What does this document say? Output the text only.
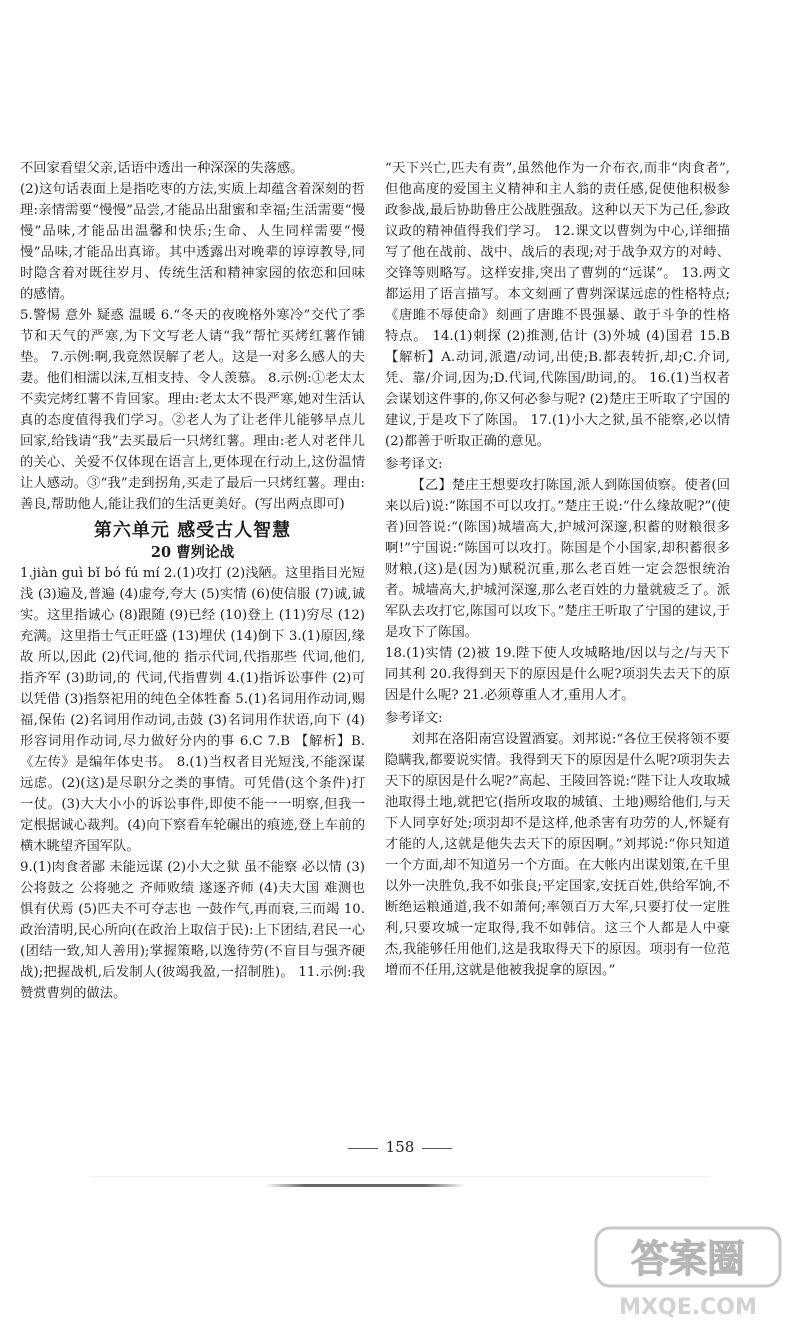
不回家看望父亲,话语中透出一种深深的失落感。

(2)这句话表面上是指吃枣的方法,实质上却蕴含着深刻的哲理:亲情需要“慢慢”品尝,才能品出甜蜜和幸福;生活需要“慢慢”品味,才能品出温馨和快乐;生命、人生同样需要“慢慢”品味,才能品出真谛。其中透露出对晚辈的谆谆教导,同时隐含着对既往岁月、传统生活和精神家园的依恋和回味的感情。

5.警惕 意外 疑惑 温暖 6.“冬天的夜晚格外寒冷”交代了季节和天气的严寒,为下文写老人请“我”帮忙买烤红薯作铺垫。 7.示例:啊,我竟然误解了老人。这是一对多么感人的夫妻。他们相濡以沫,互相支持、令人羡慕。 8.示例:①老太太不卖完烤红薯不肯回家。理由:老太太不畏严寒,她对生活认真的态度值得我们学习。②老人为了让老伴儿能够早点儿回家,给钱请“我”去买最后一只烤红薯。理由:老人对老伴儿的关心、关爱不仅体现在语言上,更体现在行动上,这份温情让人感动。③“我”走到拐角,买走了最后一只烤红薯。理由:善良,帮助他人,能让我们的生活更美好。(写出两点即可)

第六单元 感受古人智慧
20 曹刿论战

1.jiàn guì bǐ bó fú mí 2.(1)攻打 (2)浅陋。这里指目光短浅 (3)遍及,普遍 (4)虚夸,夸大 (5)实情 (6)使信服 (7)诚,诚实。这里指诚心 (8)跟随 (9)已经 (10)登上 (11)穷尽 (12)充满。这里指士气正旺盛 (13)埋伏 (14)倒下 3.(1)原因,缘故 所以,因此 (2)代词,他的 指示代词,代指那些 代词,他们,指齐军 (3)助词,的 代词,代指曹刿 4.(1)指诉讼事件 (2)可以凭借 (3)指祭祀用的纯色全体牲畜 5.(1)名词用作动词,赐福,保佑 (2)名词用作动词,击鼓 (3)名词用作状语,向下 (4)形容词用作动词,尽力做好分内的事 6.C 7.B 【解析】B.《左传》是编年体史书。 8.(1)当权者目光短浅,不能深谋远虑。(2)(这)是尽职分之类的事情。可凭借(这个条件)打一仗。(3)大大小小的诉讼事件,即使不能一一明察,但我一定根据诚心裁判。(4)向下察看车轮碾出的痕迹,登上车前的横木眺望齐国军队。

9.(1)肉食者鄙 未能远谋 (2)小大之狱 虽不能察 必以情 (3)公将鼓之 公将驰之 齐师败绩 遂逐齐师 (4)夫大国 难测也 惧有伏焉 (5)匹夫不可夺志也 一鼓作气,再而衰,三而竭 10.政治清明,民心所向(在政治上取信于民):上下团结,君民一心(团结一致,知人善用);掌握策略,以逸待劳(不盲目与强齐硬战);把握战机,后发制人(彼竭我盈,一招制胜)。 11.示例:我赞赏曹刿的做法。

“天下兴亡,匹夫有责”,虽然他作为一介布衣,而非“肉食者”,但他高度的爱国主义精神和主人翁的责任感,促使他积极参政参战,最后协助鲁庄公战胜强敌。这种以天下为己任,参政议政的精神值得我们学习。 12.课文以曹刿为中心,详细描写了他在战前、战中、战后的表现;对于战争双方的对峙、交锋等则略写。这样安排,突出了曹刿的“远谋”。 13.两文都运用了语言描写。本文刻画了曹刿深谋远虑的性格特点;《唐雎不辱使命》刻画了唐雎不畏强暴、敢于斗争的性格特点。 14.(1)刺探 (2)推测,估计 (3)外城 (4)国君 15.B 【解析】A.动词,派遣/动词,出使;B.都表转折,却;C.介词,凭、靠/介词,因为;D.代词,代陈国/助词,的。 16.(1)当权者会谋划这件事的,你又何必参与呢? (2)楚庄王听取了宁国的建议,于是攻下了陈国。 17.(1)小大之狱,虽不能察,必以情 (2)都善于听取正确的意见。

参考译文:

【乙】楚庄王想要攻打陈国,派人到陈国侦察。使者(回来以后)说:“陈国不可以攻打。”楚庄王说:“什么缘故呢?”(使者)回答说:“(陈国)城墙高大,护城河深邃,积蓄的财粮很多啊!”宁国说:“陈国可以攻打。陈国是个小国家,却积蓄很多财粮,(这)是(因为)赋税沉重,那么老百姓一定会怨恨统治者。城墙高大,护城河深邃,那么老百姓的力量就疲乏了。派军队去攻打它,陈国可以攻下。”楚庄王听取了宁国的建议,于是攻下了陈国。

18.(1)实情 (2)被 19.陛下使人攻城略地/因以与之/与天下同其利 20.我得到天下的原因是什么呢?项羽失去天下的原因是什么呢? 21.必须尊重人才,重用人才。

参考译文:

刘邦在洛阳南宫设置酒宴。刘邦说:“各位王侯将领不要隐瞒我,都要说实情。我得到天下的原因是什么呢?项羽失去天下的原因是什么呢?”高起、王陵回答说:“陛下让人攻取城池取得土地,就把它(指所攻取的城镇、土地)赐给他们,与天下人同享好处;项羽却不是这样,他杀害有功劳的人,怀疑有才能的人,这就是他失去天下的原因啊。”刘邦说:“你只知道一个方面,却不知道另一个方面。在大帐内出谋划策,在千里以外一决胜负,我不如张良;平定国家,安抚百姓,供给军饷,不断绝运粮通道,我不如萧何;率领百万大军,只要打仗一定胜利,只要攻城一定取得,我不如韩信。这三个人都是人中豪杰,我能够任用他们,这是我取得天下的原因。项羽有一位范增而不任用,这就是他被我捉拿的原因。”

158
答案圈
MXQE.COM
